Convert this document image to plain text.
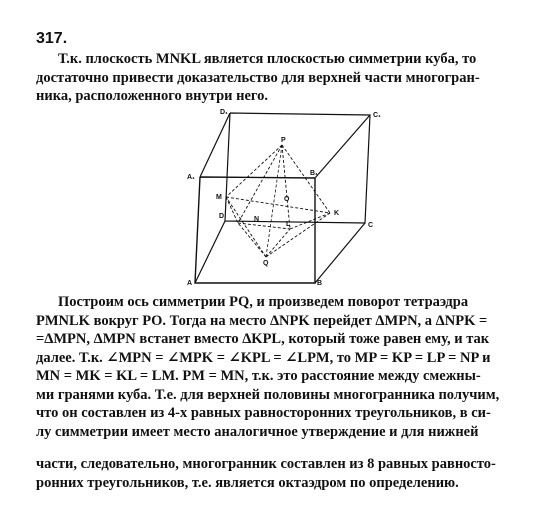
317.

Т.к. плоскость MNKL является плоскостью симметрии куба, то
достаточно привести доказательство для верхней части многогран-
ника, расположенного внутри него.

D₁	C₁
A₁
B₁
P
M	O
K
L
N
D
C
Q
A	B

Построим ось симметрии PQ, и произведем поворот тетраэдра
PMNLK вокруг PO. Тогда на место ΔNPK перейдет ΔMPN, а ΔNPK =
=ΔMPN, ΔMPN встанет вместо ΔKPL, который тоже равен ему, и так
далее. Т.к. ∠MPN = ∠MPK = ∠KPL = ∠LPM, то MP = KP = LP = NP и
MN = MK = KL = LM. PM = MN, т.к. это расстояние между смежны-
ми гранями куба. Т.е. для верхней половины многогранника получим,
что он составлен из 4-х равных равносторонних треугольников, в си-
лу симметрии имеет место аналогичное утверждение и для нижней

части, следовательно, многогранник составлен из 8 равных равносто-
ронних треугольников, т.е. является октаэдром по определению.
